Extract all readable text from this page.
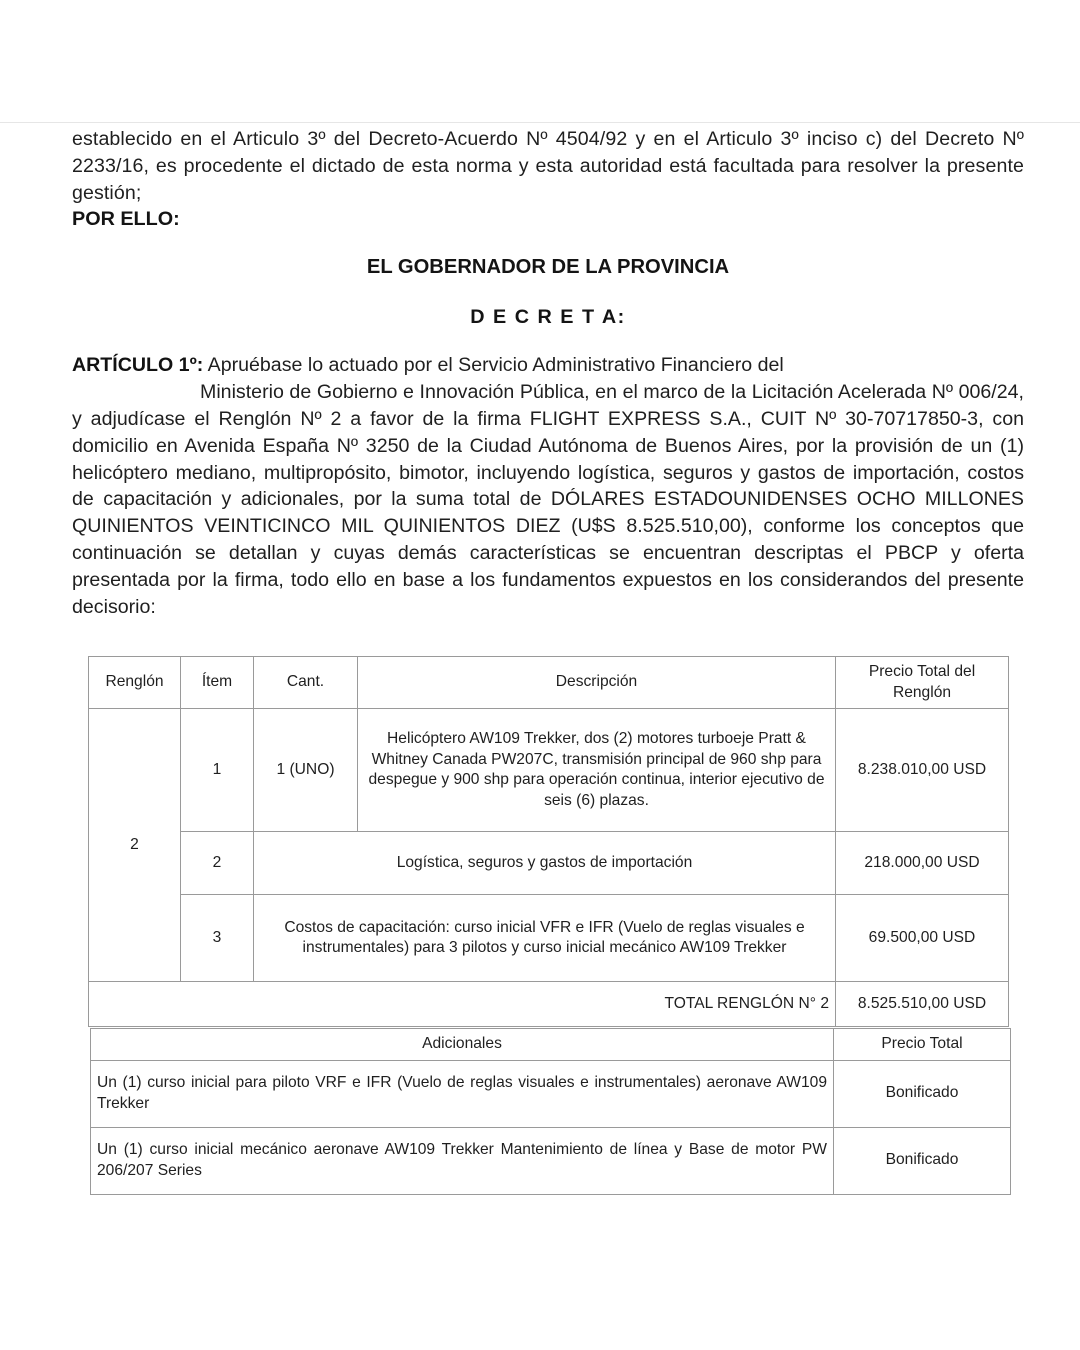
establecido en el Articulo 3º del Decreto-Acuerdo Nº 4504/92 y en el Articulo 3º inciso c) del Decreto Nº 2233/16, es procedente el dictado de esta norma y esta autoridad está facultada para resolver la presente gestión;

POR ELLO:

EL GOBERNADOR DE LA PROVINCIA

D E C R E T A:

ARTÍCULO 1º: Apruébase lo actuado por el Servicio Administrativo Financiero del
Ministerio de Gobierno e Innovación Pública, en el marco de la Licitación Acelerada Nº 006/24, y adjudícase el Renglón Nº 2 a favor de la firma FLIGHT EXPRESS S.A., CUIT Nº 30-70717850-3, con domicilio en Avenida España Nº 3250 de la Ciudad Autónoma de Buenos Aires, por la provisión de un (1) helicóptero mediano, multipropósito, bimotor, incluyendo logística, seguros y gastos de importación, costos de capacitación y adicionales, por la suma total de DÓLARES ESTADOUNIDENSES OCHO MILLONES QUINIENTOS VEINTICINCO MIL QUINIENTOS DIEZ (U$S 8.525.510,00), conforme los conceptos que continuación se detallan y cuyas demás características se encuentran descriptas el PBCP y oferta presentada por la firma, todo ello en base a los fundamentos expuestos en los considerandos del presente decisorio:

Renglón	Ítem	Cant.	Descripción	Precio Total del Renglón
2	1	1 (UNO)	Helicóptero AW109 Trekker, dos (2) motores turboeje Pratt & Whitney Canada PW207C, transmisión principal de 960 shp para despegue y 900 shp para operación continua, interior ejecutivo de seis (6) plazas.	8.238.010,00 USD
	2	Logística, seguros y gastos de importación		218.000,00 USD
	3	Costos de capacitación: curso inicial VFR e IFR (Vuelo de reglas visuales e instrumentales) para 3 pilotos y curso inicial mecánico AW109 Trekker		69.500,00 USD
TOTAL RENGLÓN N° 2				8.525.510,00 USD
Adicionales	Precio Total
Un (1) curso inicial para piloto VRF e IFR (Vuelo de reglas visuales e instrumentales) aeronave AW109 Trekker	Bonificado
Un (1) curso inicial mecánico aeronave AW109 Trekker Mantenimiento de línea y Base de motor PW 206/207 Series	Bonificado
